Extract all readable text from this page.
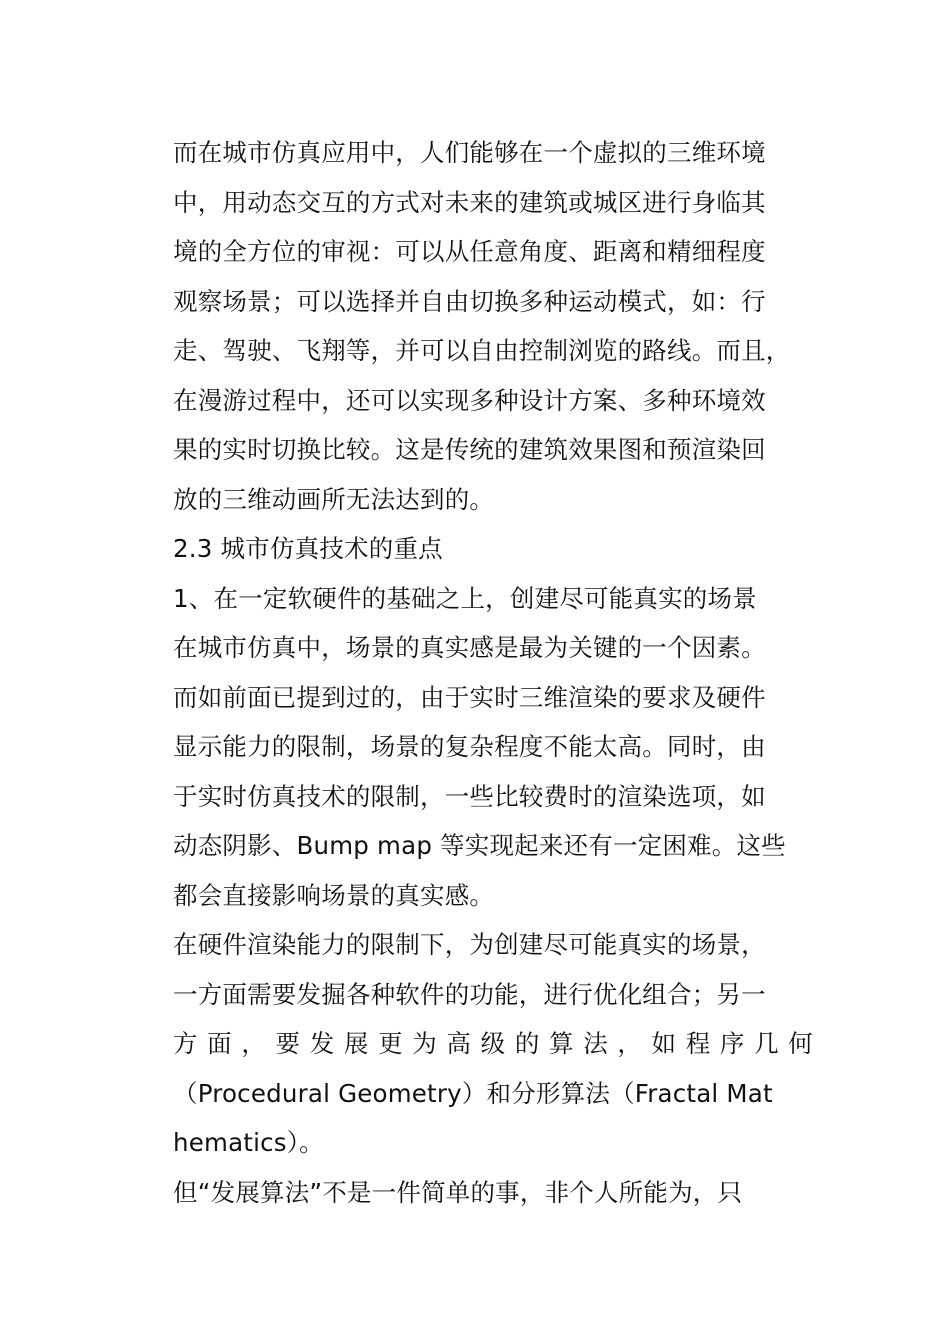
而在城市仿真应用中，人们能够在一个虚拟的三维环境
中，用动态交互的方式对未来的建筑或城区进行身临其
境的全方位的审视：可以从任意角度、距离和精细程度
观察场景；可以选择并自由切换多种运动模式，如：行
走、驾驶、飞翔等，并可以自由控制浏览的路线。而且，
在漫游过程中，还可以实现多种设计方案、多种环境效
果的实时切换比较。这是传统的建筑效果图和预渲染回
放的三维动画所无法达到的。
2.3 城市仿真技术的重点
1、在一定软硬件的基础之上，创建尽可能真实的场景
在城市仿真中，场景的真实感是最为关键的一个因素。
而如前面已提到过的，由于实时三维渲染的要求及硬件
显示能力的限制，场景的复杂程度不能太高。同时，由
于实时仿真技术的限制，一些比较费时的渲染选项，如
动态阴影、Bump map 等实现起来还有一定困难。这些
都会直接影响场景的真实感。
在硬件渲染能力的限制下，为创建尽可能真实的场景，
一方面需要发掘各种软件的功能，进行优化组合；另一
方 面 ， 要 发 展 更 为 高 级 的 算 法 ， 如 程 序 几 何
（Procedural Geometry）和分形算法（Fractal Mat
hematics）。
但“发展算法”不是一件简单的事，非个人所能为，只
